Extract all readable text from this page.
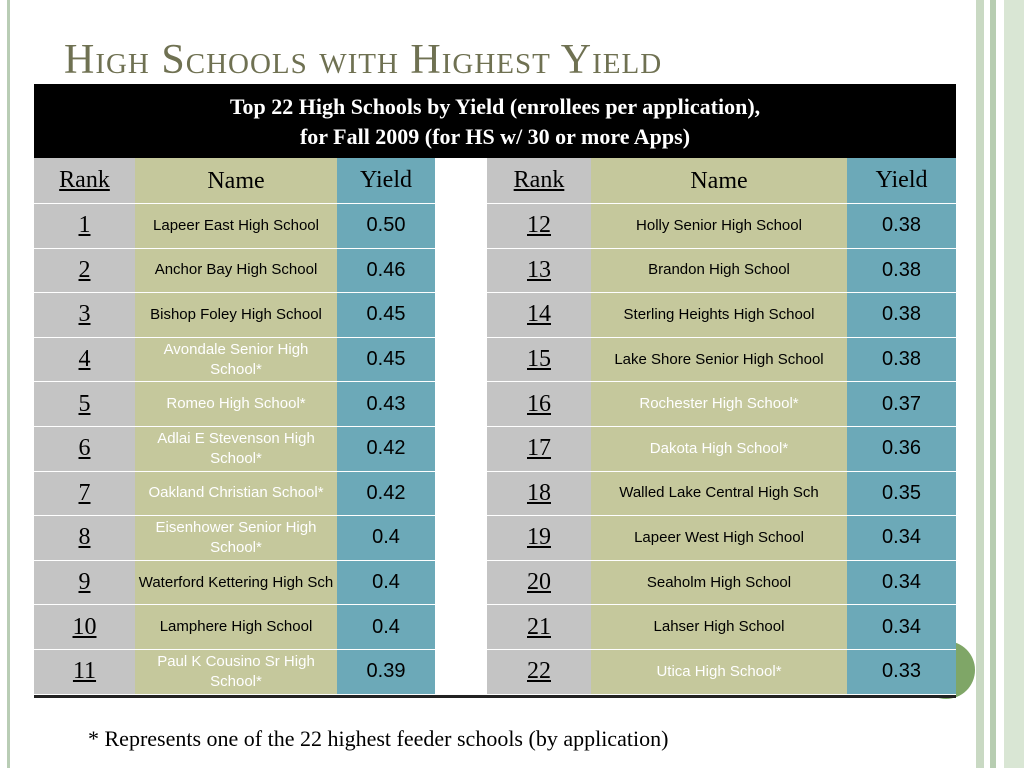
High Schools with Highest Yield
Top 22 High Schools by Yield (enrollees per application),
for Fall 2009 (for HS w/ 30 or more Apps)
Rank	Name	Yield	Rank	Name	Yield
1	Lapeer East High School	0.50	12	Holly Senior High School	0.38
2	Anchor Bay High School	0.46	13	Brandon High School	0.38
3	Bishop Foley High School	0.45	14	Sterling Heights High School	0.38
4	Avondale Senior High School*	0.45	15	Lake Shore Senior High School	0.38
5	Romeo High School*	0.43	16	Rochester High School*	0.37
6	Adlai E Stevenson High School*	0.42	17	Dakota High School*	0.36
7	Oakland Christian School*	0.42	18	Walled Lake Central High Sch	0.35
8	Eisenhower Senior High School*	0.4	19	Lapeer West High School	0.34
9	Waterford Kettering High Sch	0.4	20	Seaholm High School	0.34
10	Lamphere High School	0.4	21	Lahser High School	0.34
11	Paul K Cousino Sr High School*	0.39	22	Utica High School*	0.33

* Represents one of the 22 highest feeder schools (by application)
